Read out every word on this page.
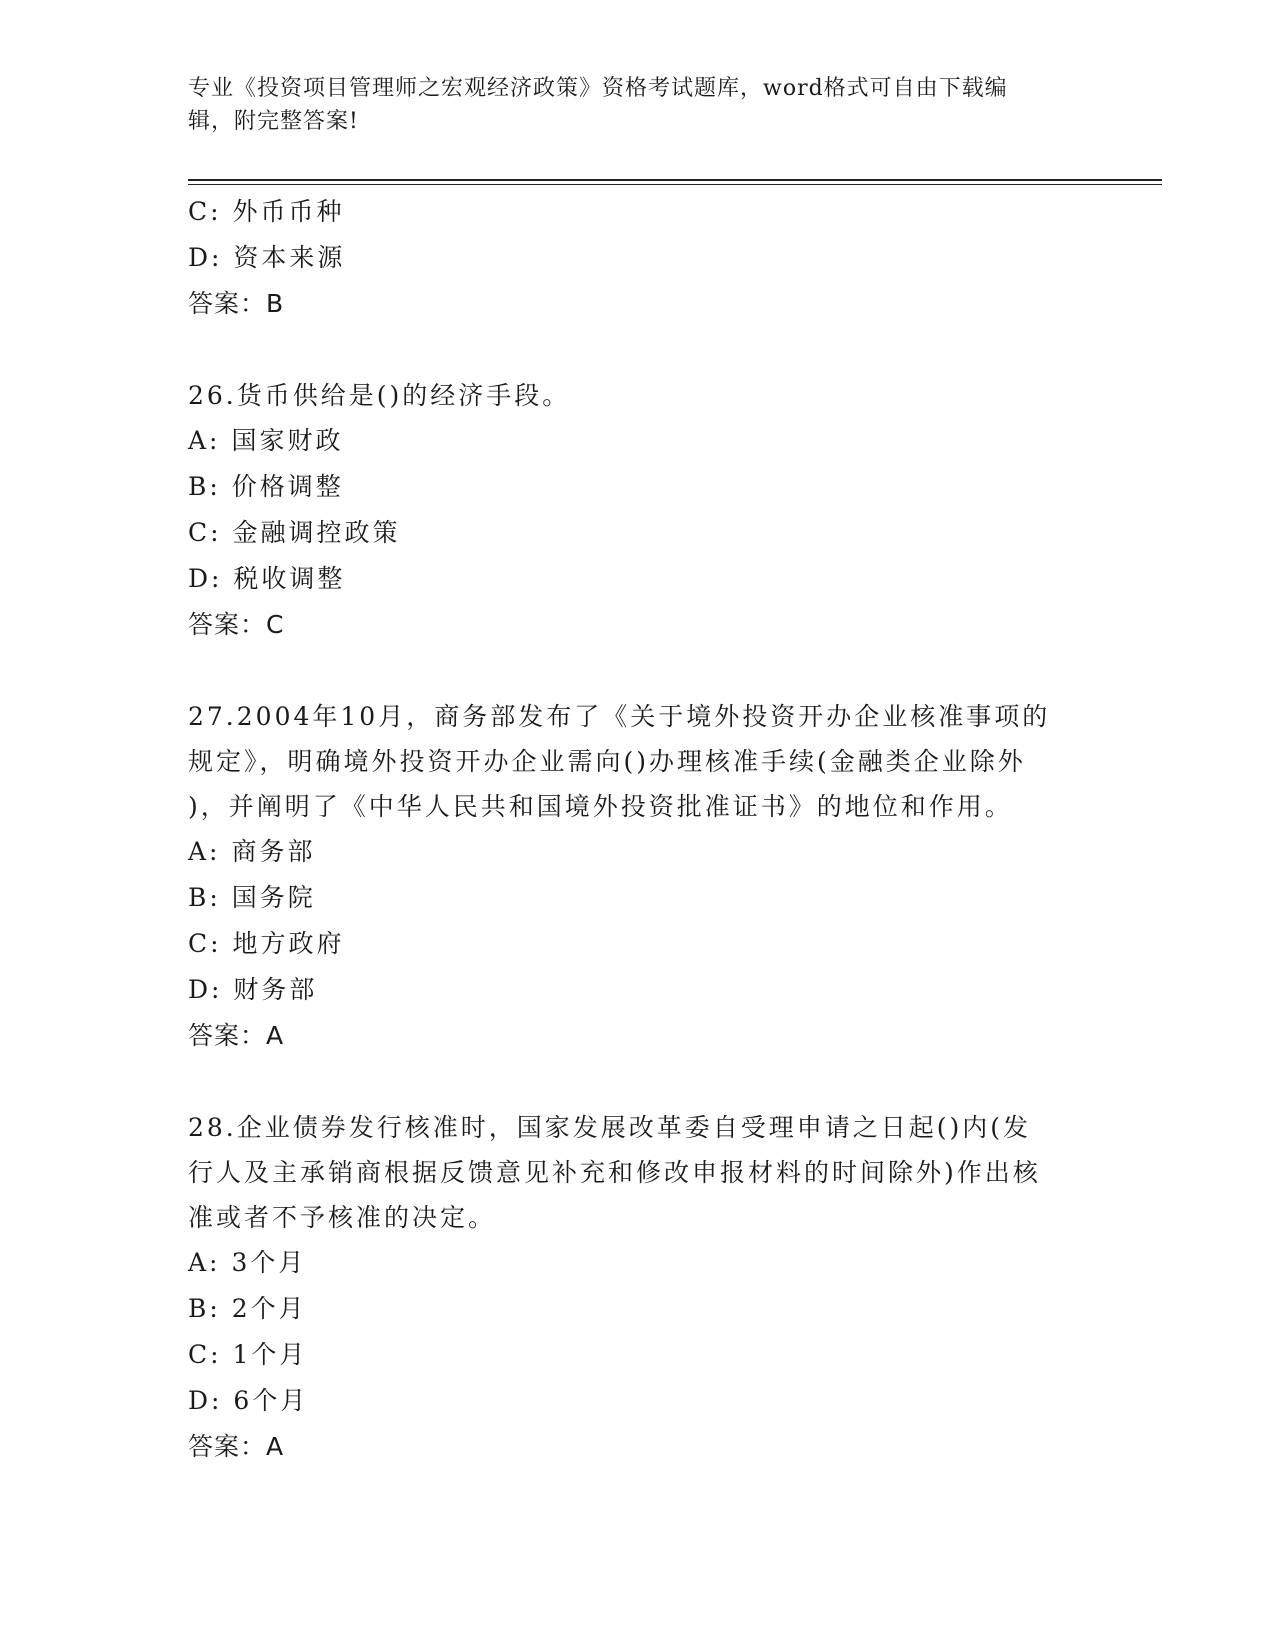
专业《投资项目管理师之宏观经济政策》资格考试题库，word格式可自由下载编
辑，附完整答案!
C: 外币币种
D: 资本来源
答案：B
26.货币供给是()的经济手段。
A: 国家财政
B: 价格调整
C: 金融调控政策
D: 税收调整
答案：C
27.2004年10月，商务部发布了《关于境外投资开办企业核准事项的
规定》，明确境外投资开办企业需向()办理核准手续(金融类企业除外
)，并阐明了《中华人民共和国境外投资批准证书》的地位和作用。
A: 商务部
B: 国务院
C: 地方政府
D: 财务部
答案：A
28.企业债券发行核准时，国家发展改革委自受理申请之日起()内(发
行人及主承销商根据反馈意见补充和修改申报材料的时间除外)作出核
准或者不予核准的决定。
A: 3个月
B: 2个月
C: 1个月
D: 6个月
答案：A
